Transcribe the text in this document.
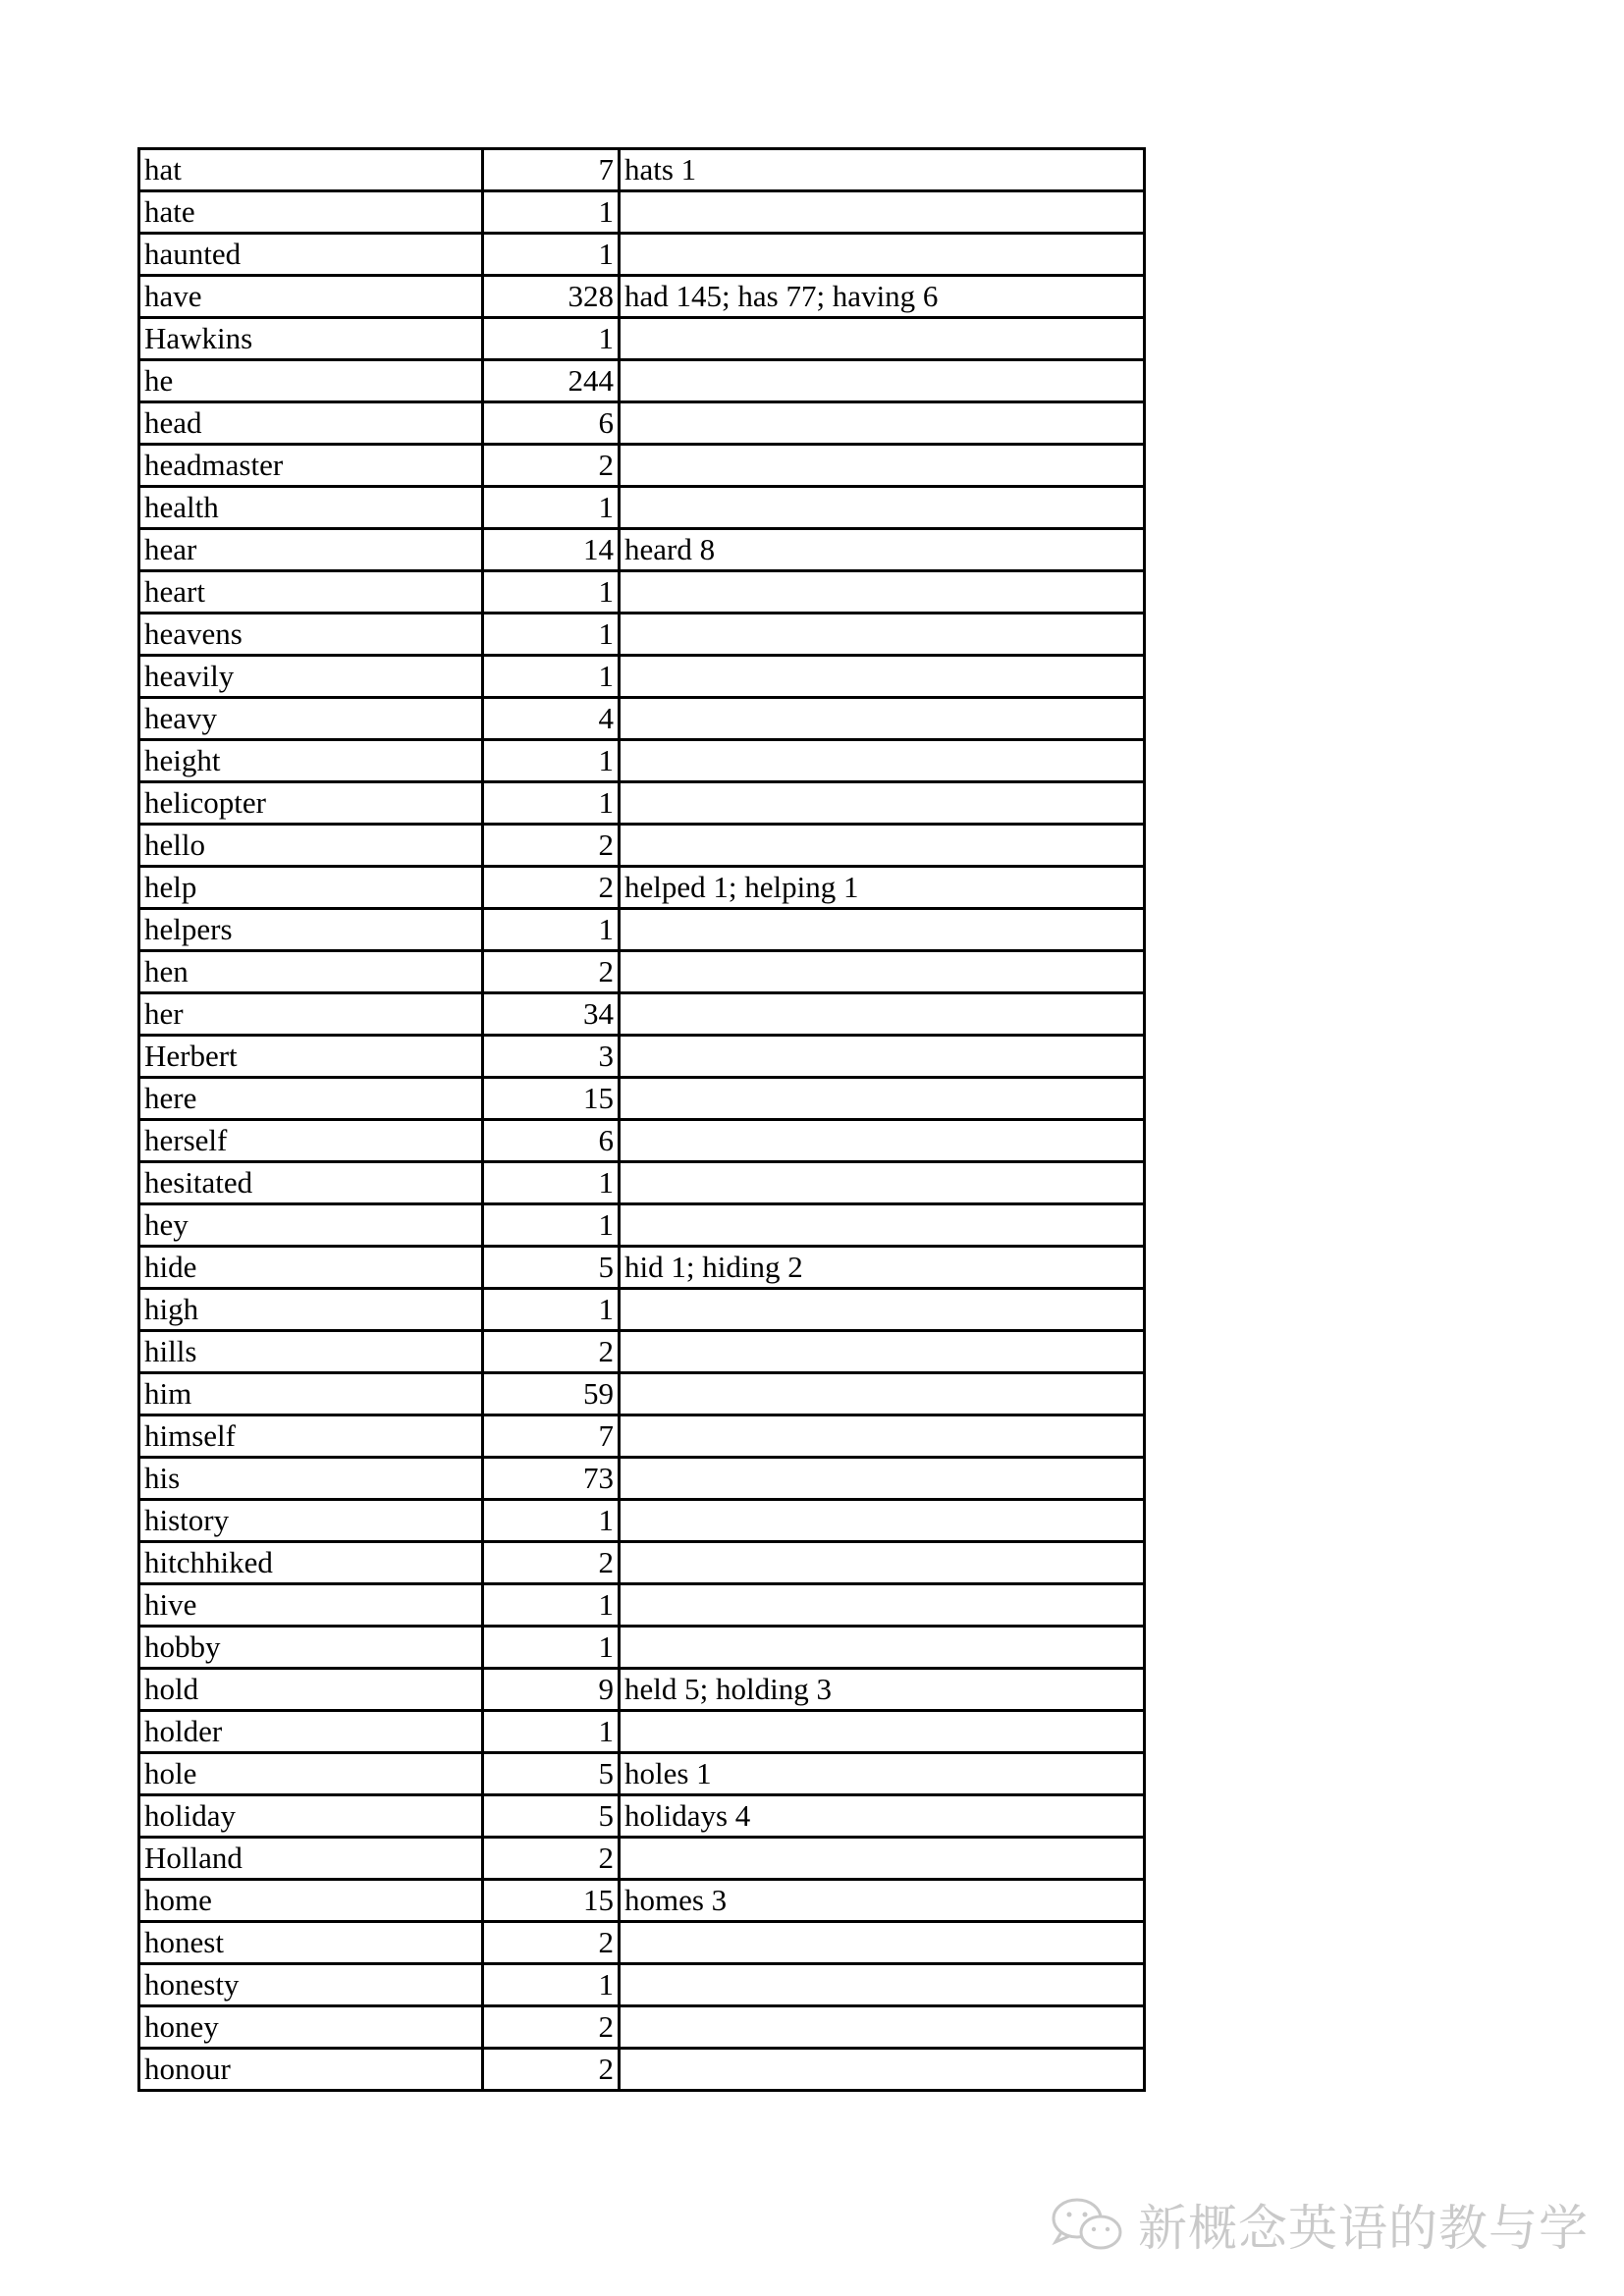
hat	7	hats 1
hate	1	
haunted	1	
have	328	had 145; has 77; having 6
Hawkins	1	
he	244	
head	6	
headmaster	2	
health	1	
hear	14	heard 8
heart	1	
heavens	1	
heavily	1	
heavy	4	
height	1	
helicopter	1	
hello	2	
help	2	helped 1; helping 1
helpers	1	
hen	2	
her	34	
Herbert	3	
here	15	
herself	6	
hesitated	1	
hey	1	
hide	5	hid 1; hiding 2
high	1	
hills	2	
him	59	
himself	7	
his	73	
history	1	
hitchhiked	2	
hive	1	
hobby	1	
hold	9	held 5; holding 3
holder	1	
hole	5	holes 1
holiday	5	holidays 4
Holland	2	
home	15	homes 3
honest	2	
honesty	1	
honey	2	
honour	2	
新概念英语的教与学
